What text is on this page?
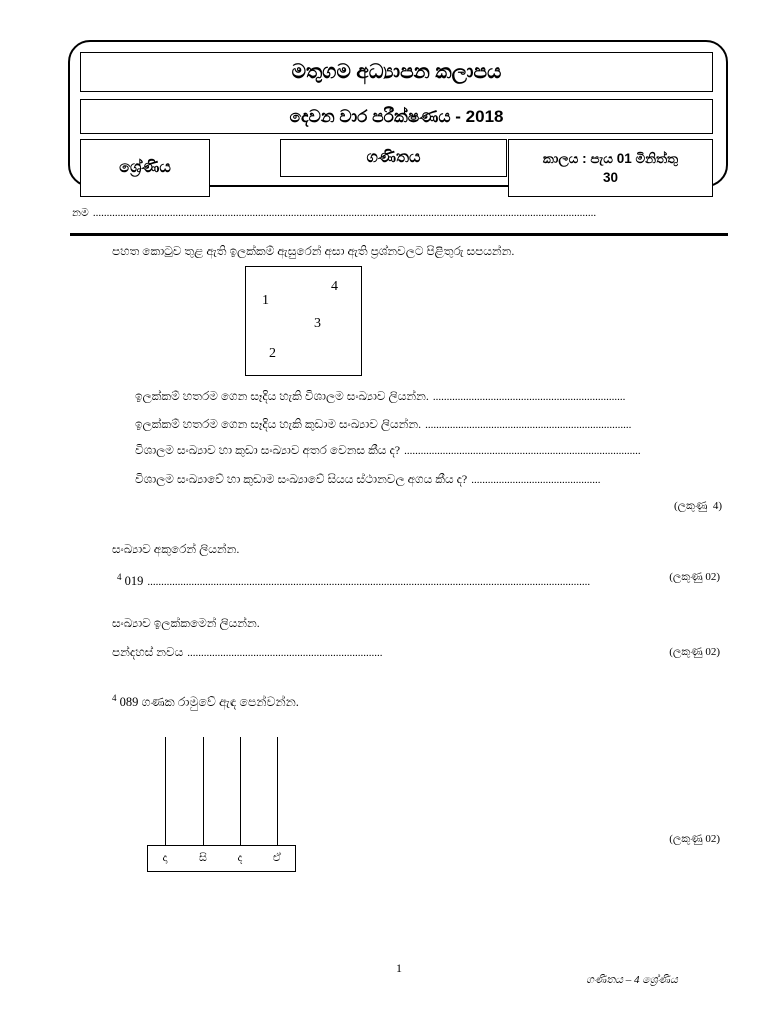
මතුගම අධ්‍යාපන කලාපය
දෙවන වාර පරීක්ෂණය - 2018
ශ්‍රේණිය
ගණිතය	කාලය : පැය 01 මිනිත්තු
30
නම .......................................................................................................................................................................................
පහත කොටුව තුළ ඇති ඉලක්කම් ඇසුරෙන් අසා ඇති ප්‍රශ්නවලට පිළිතුරු සපයන්න.
4
1
3
2
ඉලක්කම් හතරම ගෙන සෑදිය හැකි විශාලම සංඛ්‍යාව ලියන්න. ......................................................................
ඉලක්කම් හතරම ගෙන සෑදිය හැකි කුඩාම සංඛ්‍යාව ලියන්න. ...........................................................................
විශාලම සංඛ්‍යාව හා කුඩා සංඛ්‍යාව අතර වෙනස කීය ද? ......................................................................................
විශාලම සංඛ්‍යාවේ හා කුඩාම සංඛ්‍යාවේ සියය ස්ථානවල අගය කීය ද? ...............................................
(ලකුණු  4)
සංඛ්‍යාව අකුරෙන් ලියන්න.
4 019 .................................................................................................................................................................	(ලකුණු 02)
සංඛ්‍යාව ඉලක්කමෙන් ලියන්න.
පන්දහස් නවය .......................................................................	(ලකුණු 02)
4 089 ගණක රාමුවේ ඇඳ පෙන්වන්න.
දා	සි	ද	ඒ
(ලකුණු 02)
1
ගණිතය – 4 ශ්‍රේණිය
